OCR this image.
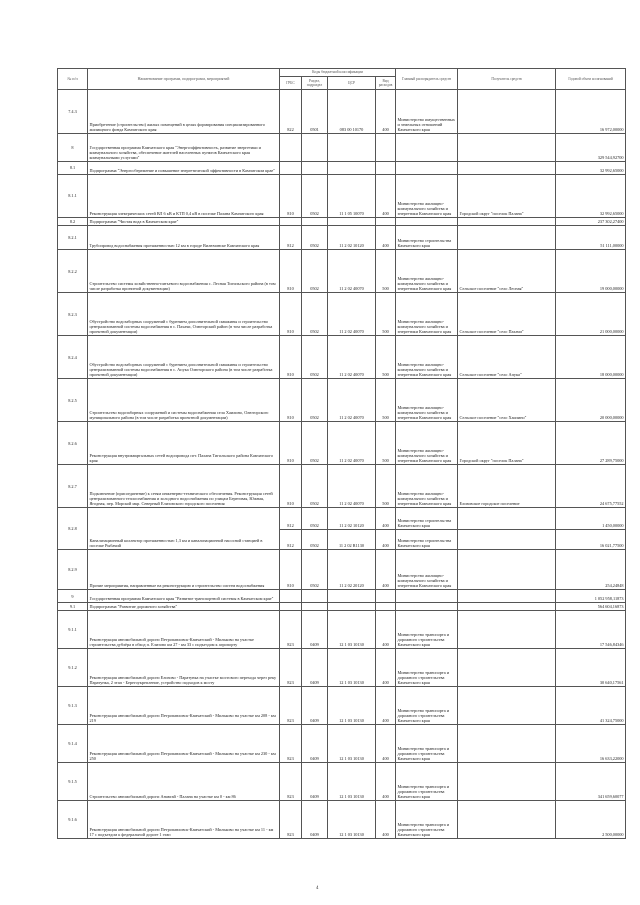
№ п/п	Наименование программ, подпрограмм, мероприятий	Коды бюджетной классификации				Главный распорядитель средств	Получатель средств	Годовой объем ассигнований
		ГРБС	Раздел, подраздел	ЦСР	Вид расходов			
7.4.3	Приобретение (строительство) жилых помещений в целях формирования специализированного жилищного фонда Камчатского края	822	0501	083 00 10170	400	Министерство имущественных и земельных отношений Камчатского края		16 972,00000
8	Государственная программа Камчатского края "Энергоэффективность, развитие энергетики и коммунального хозяйства, обеспечение жителей населенных пунктов Камчатского края коммунальными услугами"							329 544,92700
8.1	Подпрограмма "Энергосбережение и повышение энергетической эффективности в Камчатском крае"							32 992,65000
8.1.1	Реконструкция электрических сетей ВЛ 6 кВ и КТП 0,4 кВ в поселке Палана Камчатского края	810	0502	11 1 05 10070	400	Министерство жилищно-коммунального хозяйства и энергетики Камчатского края	Городской округ "поселок Палана"	32 992,65000
8.2	Подпрограмма "Чистая вода в Камчатском крае"							237 302,27400
8.2.1	Трубопровод водоснабжения протяженностью 12 км в городе Вилючинске Камчатского края	812	0502	11 2 02 10120	400	Министерство строительства Камчатского края		51 111,00000
8.2.2	Строительство системы хозяйственно-питьевого водоснабжения с. Лесная Тигильского района (в том числе разработка проектной документации)	810	0502	11 2 02 40070	500	Министерство жилищно-коммунального хозяйства и энергетики Камчатского края	Сельское поселение "село Лесная"	19 000,00000
8.2.3	Обустройство водозаборных сооружений с бурением дополнительной скважины и строительство централизованной системы водоснабжения в с. Пахачи, Олюторский район (в том числе разработка проектной документации)	810	0502	11 2 02 40070	500	Министерство жилищно-коммунального хозяйства и энергетики Камчатского края	Сельское поселение "село Пахачи"	21 000,00000
8.2.4	Обустройство водозаборных сооружений с бурением дополнительной скважины и строительство централизованной системы водоснабжения в с. Апука Олюторского района (в том числе разработка проектной документации)	810	0502	11 2 02 40070	500	Министерство жилищно-коммунального хозяйства и энергетики Камчатского края	Сельское поселение "село Апука"	18 000,00000
8.2.5	Строительство водозаборных сооружений и системы водоснабжения села Хаилино, Олюторского муниципального района (в том числе разработка проектной документации)	810	0502	11 2 02 40070	500	Министерство жилищно-коммунального хозяйства и энергетики Камчатского края	Сельское поселение "село Хаилино"	20 000,00000
8.2.6	Реконструкция внутриквартальных сетей водопровода пгт. Палана Тигильского района Камчатского края	810	0502	11 2 02 40070	500	Министерство жилищно-коммунального хозяйства и энергетики Камчатского края	Городской округ "поселок Палана"	27 289,75000
8.2.7	Подключение (присоединение) к сетям инженерно-технического обеспечения. Реконструкция сетей централизованного теплоснабжения и холодного водоснабжения по улицам Береговая, Южная, Ягодная, пер. Морской мкр. Северный Елизовского городского поселения	810	0502	11 2 02 40070	500	Министерство жилищно-коммунального хозяйства и энергетики Камчатского края	Елизовское городское поселение	24 675,77552
8.2.8	Канализационный коллектор протяженностью 1,3 км и канализационной насосной станцией в поселке Рыбачий	812	0502	11 2 02 10120	400	Министерство строительства Камчатского края		1 450,00000
		812	0502	11 2 02 R1130	400	Министерство строительства Камчатского края		16 021,77500
8.2.9	Прочие мероприятия, направленные на реконструкцию и строительство систем водоснабжения	810	0502	11 2 02 20120	400	Министерство жилищно-коммунального хозяйства и энергетики Камчатского края		254,24848
9	Государственная программа Камчатского края "Развитие транспортной системы в Камчатском крае"							1 052 958,11873
9.1	Подпрограмма "Развитие дорожного хозяйства"							564 604,16873
9.1.1	Реконструкция автомобильной дороги Петропавловск-Камчатский - Мильково на участке строительства дублёра в обход п. Елизово км 27 - км 33 с подъездом к аэропорту	823	0409	12 1 03 10130	400	Министерство транспорта и дорожного строительства Камчатского края		17 546,84346
9.1.2	Реконструкция автомобильной дороги Елизово - Паратунка на участке мостового перехода через реку Паратунка, 2 этап - Берегоукрепление, устройство подходов к мосту	823	0409	12 1 03 10130	400	Министерство транспорта и дорожного строительства Камчатского края		30 640,17561
9.1.3	Реконструкция автомобильной дороги Петропавловск-Камчатский - Мильково на участке км 208 - км 219	823	0409	12 1 03 10130	400	Министерство транспорта и дорожного строительства Камчатского края		41 324,75000
9.1.4	Реконструкция автомобильной дороги Петропавловск-Камчатский - Мильково на участке км 230 - км 250	823	0409	12 1 03 10130	400	Министерство транспорта и дорожного строительства Камчатского края		16 633,22000
9.1.5	Строительство автомобильной дороги Анавгай - Палана на участке км 0 - км 86	823	0409	12 1 03 10130	400	Министерство транспорта и дорожного строительства Камчатского края		341 659,60077
9.1.6	Реконструкция автомобильной дороги Петропавловск-Камчатский - Мильково на участке км 11 - км 17 с подъездом к федеральной дороге 1 этап	823	0409	12 1 03 10130	400	Министерство транспорта и дорожного строительства Камчатского края		2 500,00000
4
